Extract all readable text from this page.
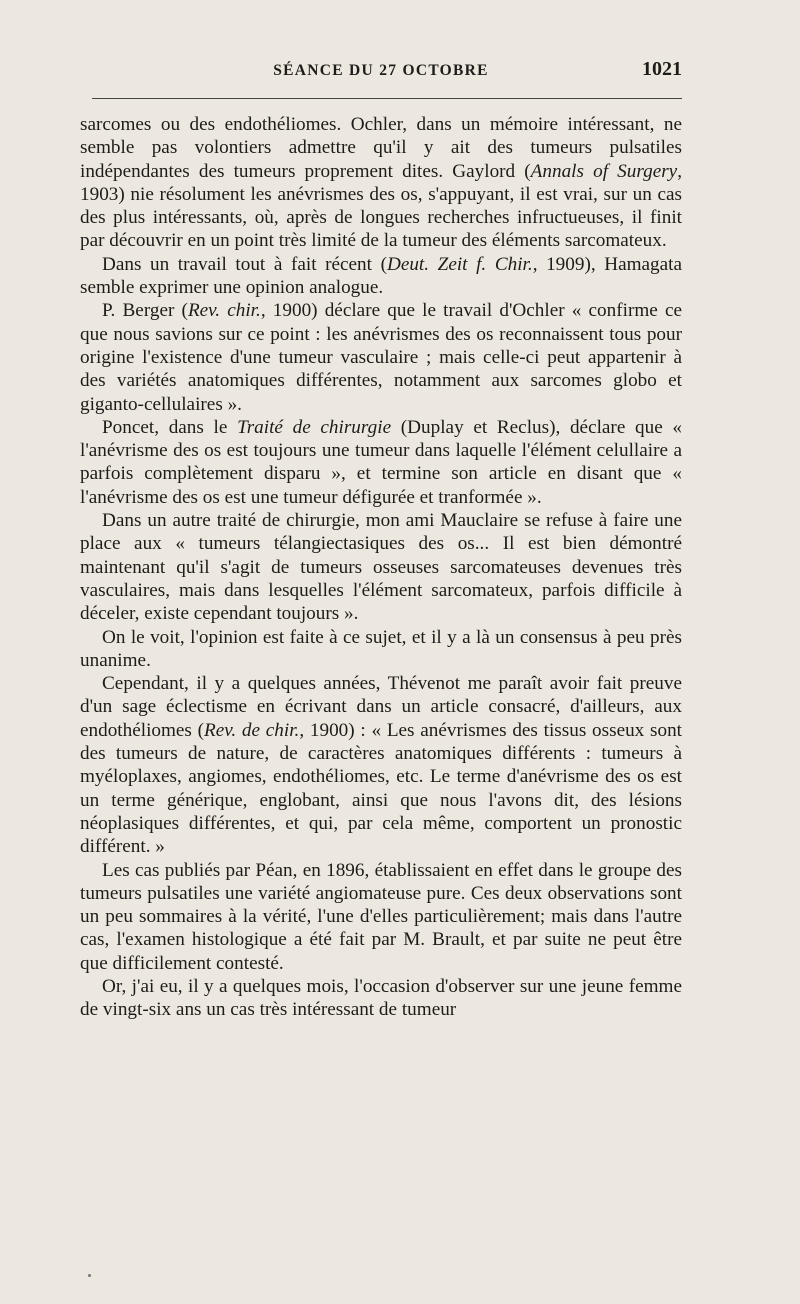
SÉANCE DU 27 OCTOBRE	1021

sarcomes ou des endothéliomes. Ochler, dans un mémoire intéressant, ne semble pas volontiers admettre qu'il y ait des tumeurs pulsatiles indépendantes des tumeurs proprement dites. Gaylord (Annals of Surgery, 1903) nie résolument les anévrismes des os, s'appuyant, il est vrai, sur un cas des plus intéressants, où, après de longues recherches infructueuses, il finit par découvrir en un point très limité de la tumeur des éléments sarcomateux.

Dans un travail tout à fait récent (Deut. Zeit f. Chir., 1909), Hamagata semble exprimer une opinion analogue.

P. Berger (Rev. chir., 1900) déclare que le travail d'Ochler « confirme ce que nous savions sur ce point : les anévrismes des os reconnaissent tous pour origine l'existence d'une tumeur vasculaire ; mais celle-ci peut appartenir à des variétés anatomiques différentes, notamment aux sarcomes globo et giganto-cellulaires ».

Poncet, dans le Traité de chirurgie (Duplay et Reclus), déclare que « l'anévrisme des os est toujours une tumeur dans laquelle l'élément celullaire a parfois complètement disparu », et termine son article en disant que « l'anévrisme des os est une tumeur défigurée et tranformée ».

Dans un autre traité de chirurgie, mon ami Mauclaire se refuse à faire une place aux « tumeurs télangiectasiques des os... Il est bien démontré maintenant qu'il s'agit de tumeurs osseuses sarcomateuses devenues très vasculaires, mais dans lesquelles l'élément sarcomateux, parfois difficile à déceler, existe cependant toujours ».

On le voit, l'opinion est faite à ce sujet, et il y a là un consensus à peu près unanime.

Cependant, il y a quelques années, Thévenot me paraît avoir fait preuve d'un sage éclectisme en écrivant dans un article consacré, d'ailleurs, aux endothéliomes (Rev. de chir., 1900) : « Les anévrismes des tissus osseux sont des tumeurs de nature, de caractères anatomiques différents : tumeurs à myéloplaxes, angiomes, endothéliomes, etc. Le terme d'anévrisme des os est un terme générique, englobant, ainsi que nous l'avons dit, des lésions néoplasiques différentes, et qui, par cela même, comportent un pronostic différent. »

Les cas publiés par Péan, en 1896, établissaient en effet dans le groupe des tumeurs pulsatiles une variété angiomateuse pure. Ces deux observations sont un peu sommaires à la vérité, l'une d'elles particulièrement; mais dans l'autre cas, l'examen histologique a été fait par M. Brault, et par suite ne peut être que difficilement contesté.

Or, j'ai eu, il y a quelques mois, l'occasion d'observer sur une jeune femme de vingt-six ans un cas très intéressant de tumeur
